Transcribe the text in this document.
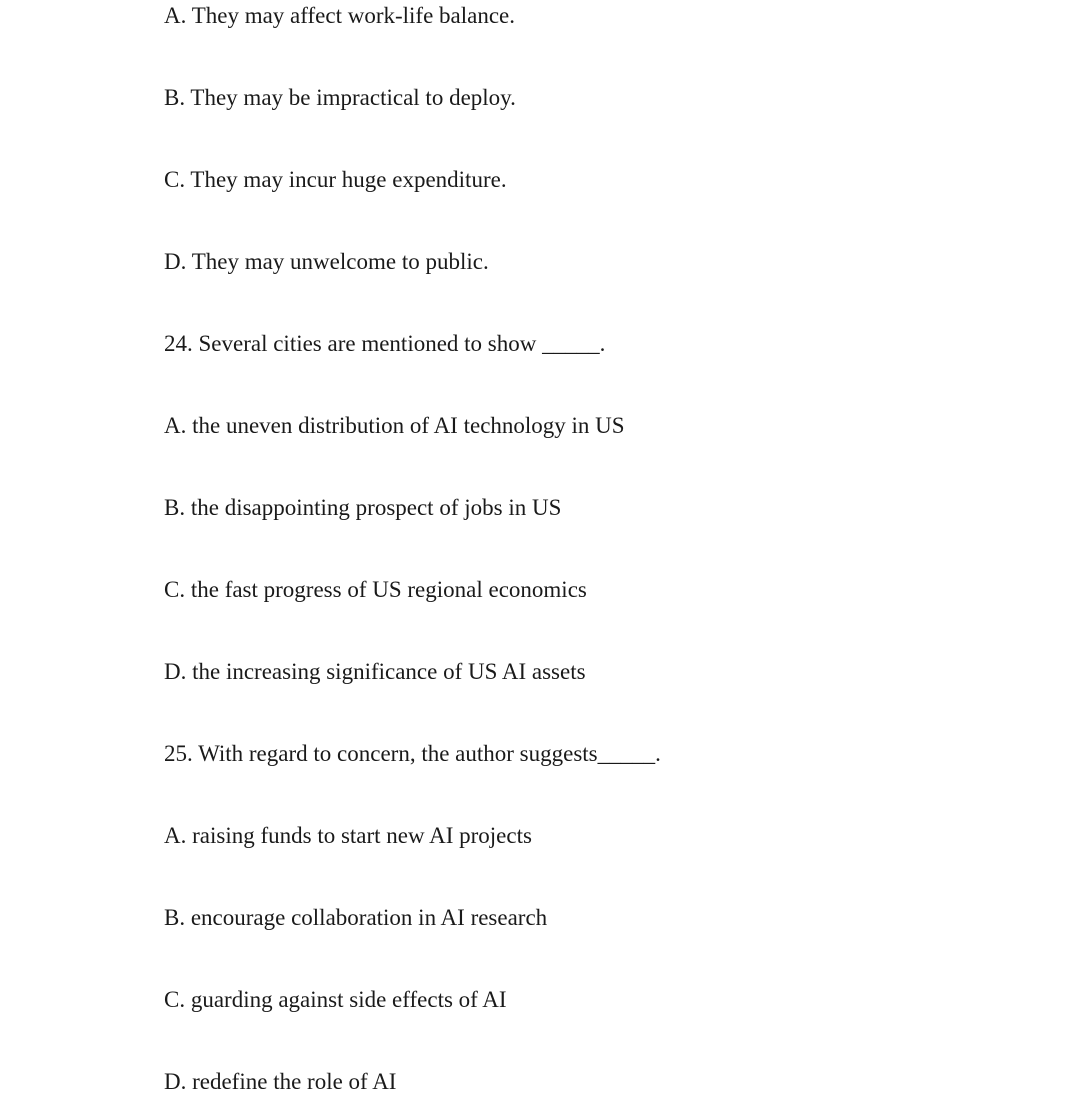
A. They may affect work-life balance.

B. They may be impractical to deploy.

C. They may incur huge expenditure.

D. They may unwelcome to public.

24. Several cities are mentioned to show _____.

A. the uneven distribution of AI technology in US

B. the disappointing prospect of jobs in US

C. the fast progress of US regional economics

D. the increasing significance of US AI assets

25. With regard to concern, the author suggests_____.

A. raising funds to start new AI projects

B. encourage collaboration in AI research

C. guarding against side effects of AI

D. redefine the role of AI
